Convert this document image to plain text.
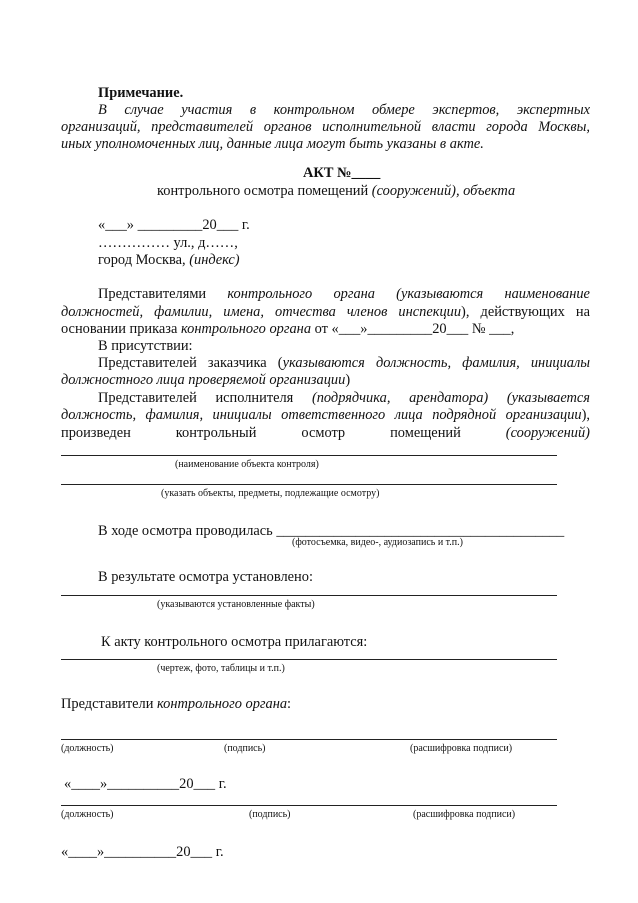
Примечание.
В случае участия в контрольном обмере экспертов, экспертных
организаций, представителей органов исполнительной власти города Москвы,
иных уполномоченных лиц, данные лица могут быть указаны в акте.
АКТ №____
контрольного осмотра помещений (сооружений), объекта
«___» _________20___ г.
…………… ул., д……,
город Москва, (индекс)
Представителями контрольного органа (указываются наименование
должностей, фамилии, имена, отчества членов инспекции), действующих на
основании приказа контрольного органа от «___»_________20___ № ___,
В присутствии:
Представителей заказчика (указываются должность, фамилия, инициалы
должностного лица проверяемой организации)
Представителей исполнителя (подрядчика, арендатора) (указывается
должность, фамилия, инициалы ответственного лица подрядной организации),
произведен	контрольный	осмотр	помещений	(сооружений)
(наименование объекта контроля)
(указать объекты, предметы, подлежащие осмотру)
В ходе осмотра проводилась ________________________________________
(фотосъемка, видео-, аудиозапись и т.п.)
В результате осмотра установлено:
(указываются установленные факты)
К акту контрольного осмотра прилагаются:
(чертеж, фото, таблицы и т.п.)
Представители контрольного органа:
(должность)	(подпись)	(расшифровка подписи)
«____»__________20___ г.
(должность)	(подпись)	(расшифровка подписи)
«____»__________20___ г.
